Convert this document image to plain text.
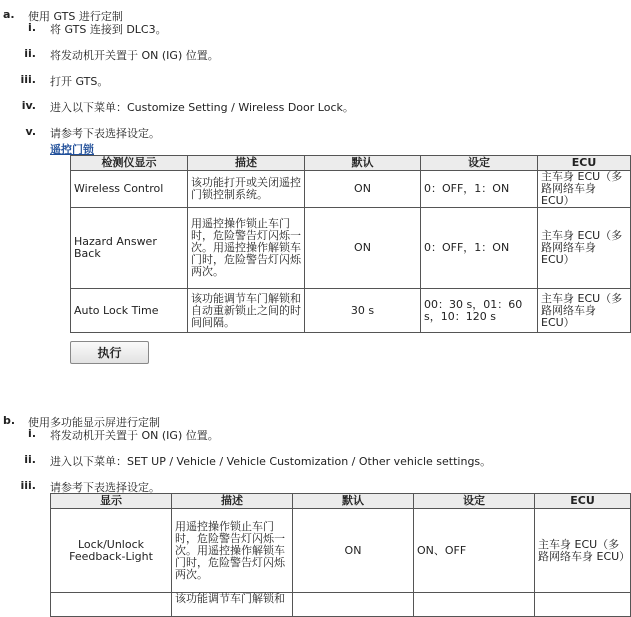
a. 使用 GTS 进行定制
i. 将 GTS 连接到 DLC3。
ii. 将发动机开关置于 ON (IG) 位置。
iii. 打开 GTS。
iv. 进入以下菜单：Customize Setting / Wireless Door Lock。
v. 请参考下表选择设定。
遥控门锁
检测仪显示	描述	默认	设定	ECU
Wireless Control	该功能打开或关闭遥控门锁控制系统。	ON	0：OFF，1：ON	主车身 ECU（多路网络车身 ECU）
Hazard Answer Back	用遥控操作锁止车门时，危险警告灯闪烁一次。用遥控操作解锁车门时，危险警告灯闪烁两次。	ON	0：OFF，1：ON	主车身 ECU（多路网络车身 ECU）
Auto Lock Time	该功能调节车门解锁和自动重新锁止之间的时间间隔。	30 s	00：30 s，01：60 s，10：120 s	主车身 ECU（多路网络车身 ECU）
执行
b. 使用多功能显示屏进行定制
i. 将发动机开关置于 ON (IG) 位置。
ii. 进入以下菜单：SET UP / Vehicle / Vehicle Customization / Other vehicle settings。
iii. 请参考下表选择设定。
显示	描述	默认	设定	ECU
Lock/Unlock Feedback-Light	用遥控操作锁止车门时，危险警告灯闪烁一次。用遥控操作解锁车门时，危险警告灯闪烁两次。	ON	ON、OFF	主车身 ECU（多路网络车身 ECU）
	该功能调节车门解锁和			
